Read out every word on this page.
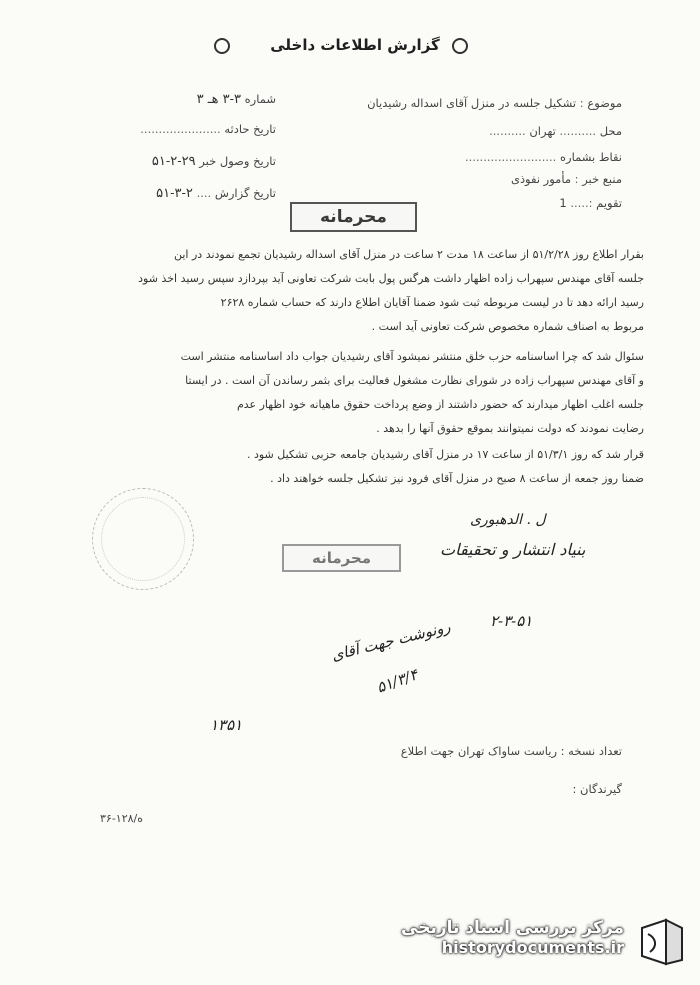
گزارش اطلاعات داخلی
موضوع : تشکیل جلسه در منزل آقای اسداله رشیدیان
محل .......... تهران ..........
نقاط بشماره .........................
منبع خبر : مأمور نفوذی
تقویم :..... 1
شماره ۳-۳ هـ ۳
تاریخ حادثه ......................
تاریخ وصول خبر ۲۹-۲-۵۱
تاریخ گزارش .... ۲-۳-۵۱
محرمانه
بقرار اطلاع روز ۵۱/۲/۲۸ از ساعت ۱۸ مدت ۲ ساعت در منزل آقای اسداله رشیدیان تجمع نمودند در این
جلسه آقای مهندس سپهراب زاده اظهار داشت هرگس پول بابت شرکت تعاونی آید بپردازد سپس رسید اخذ شود
رسید ارائه دهد تا در لیست مربوطه ثبت شود ضمنا آقایان اطلاع دارند که حساب شماره ۲۶۲۸
مربوط به اصناف شماره مخصوص شرکت تعاونی آید است .
سئوال شد که چرا اساسنامه حزب خلق منتشر نمیشود آقای رشیدیان جواب داد اساسنامه منتشر است
و آقای مهندس سپهراب زاده در شورای نظارت مشغول فعالیت برای بثمر رساندن آن است . در ایستا
جلسه اغلب اظهار میدارند که حضور داشتند از وضع پرداخت حقوق ماهیانه خود اظهار عدم
رضایت نمودند که دولت نمیتوانند بموقع حقوق آنها را بدهد .
قرار شد که روز ۵۱/۳/۱ از ساعت ۱۷ در منزل آقای رشیدیان جامعه حزبی تشکیل شود .
ضمنا روز جمعه از ساعت ۸ صبح در منزل آقای فرود نیز تشکیل جلسه خواهند داد .
ل . الدهبوری
بنیاد انتشار و تحقیقات
۲-۳-۵۱
رونوشت جهت آقای
۵۱/۳/۴
محرمانه
۱۳۵۱
تعداد نسخه : ریاست ساواک تهران جهت اطلاع
گیرندگان :
۳۶-۱۲۸/ه
مرکز بررسی اسناد تاریخی
historydocuments.ir
